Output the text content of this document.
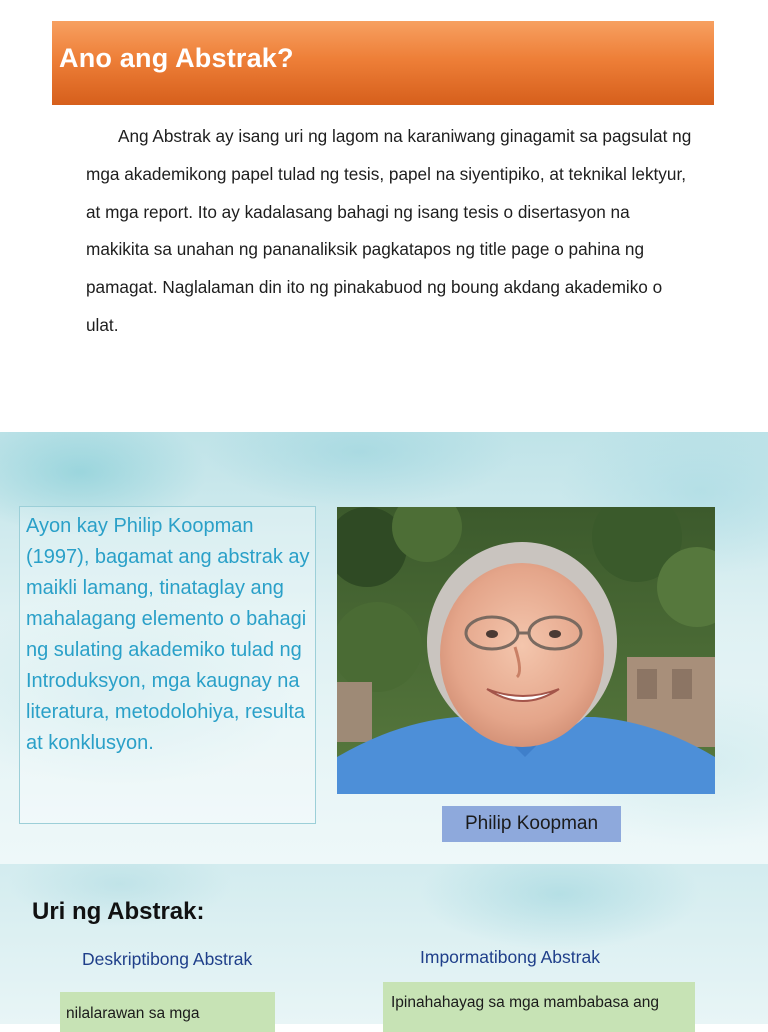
Ano ang Abstrak?

Ang Abstrak ay isang uri ng lagom na karaniwang ginagamit sa pagsulat ng mga akademikong papel tulad ng tesis, papel na siyentipiko, at teknikal lektyur, at mga report. Ito ay kadalasang bahagi ng isang tesis o disertasyon na makikita sa unahan ng pananaliksik pagkatapos ng title page o pahina ng pamagat. Naglalaman din ito ng pinakabuod ng boung akdang akademiko o ulat.

Ayon kay Philip Koopman (1997), bagamat ang abstrak ay maikli lamang, tinataglay ang mahalagang elemento o bahagi ng sulating akademiko tulad ng Introduksyon, mga kaugnay na literatura, metodolohiya, resulta at konklusyon.

Philip Koopman
Uri ng Abstrak:
Deskriptibong Abstrak	Impormatibong Abstrak
nilalarawan sa mga
Ipinahahayag sa mga mambabasa ang
